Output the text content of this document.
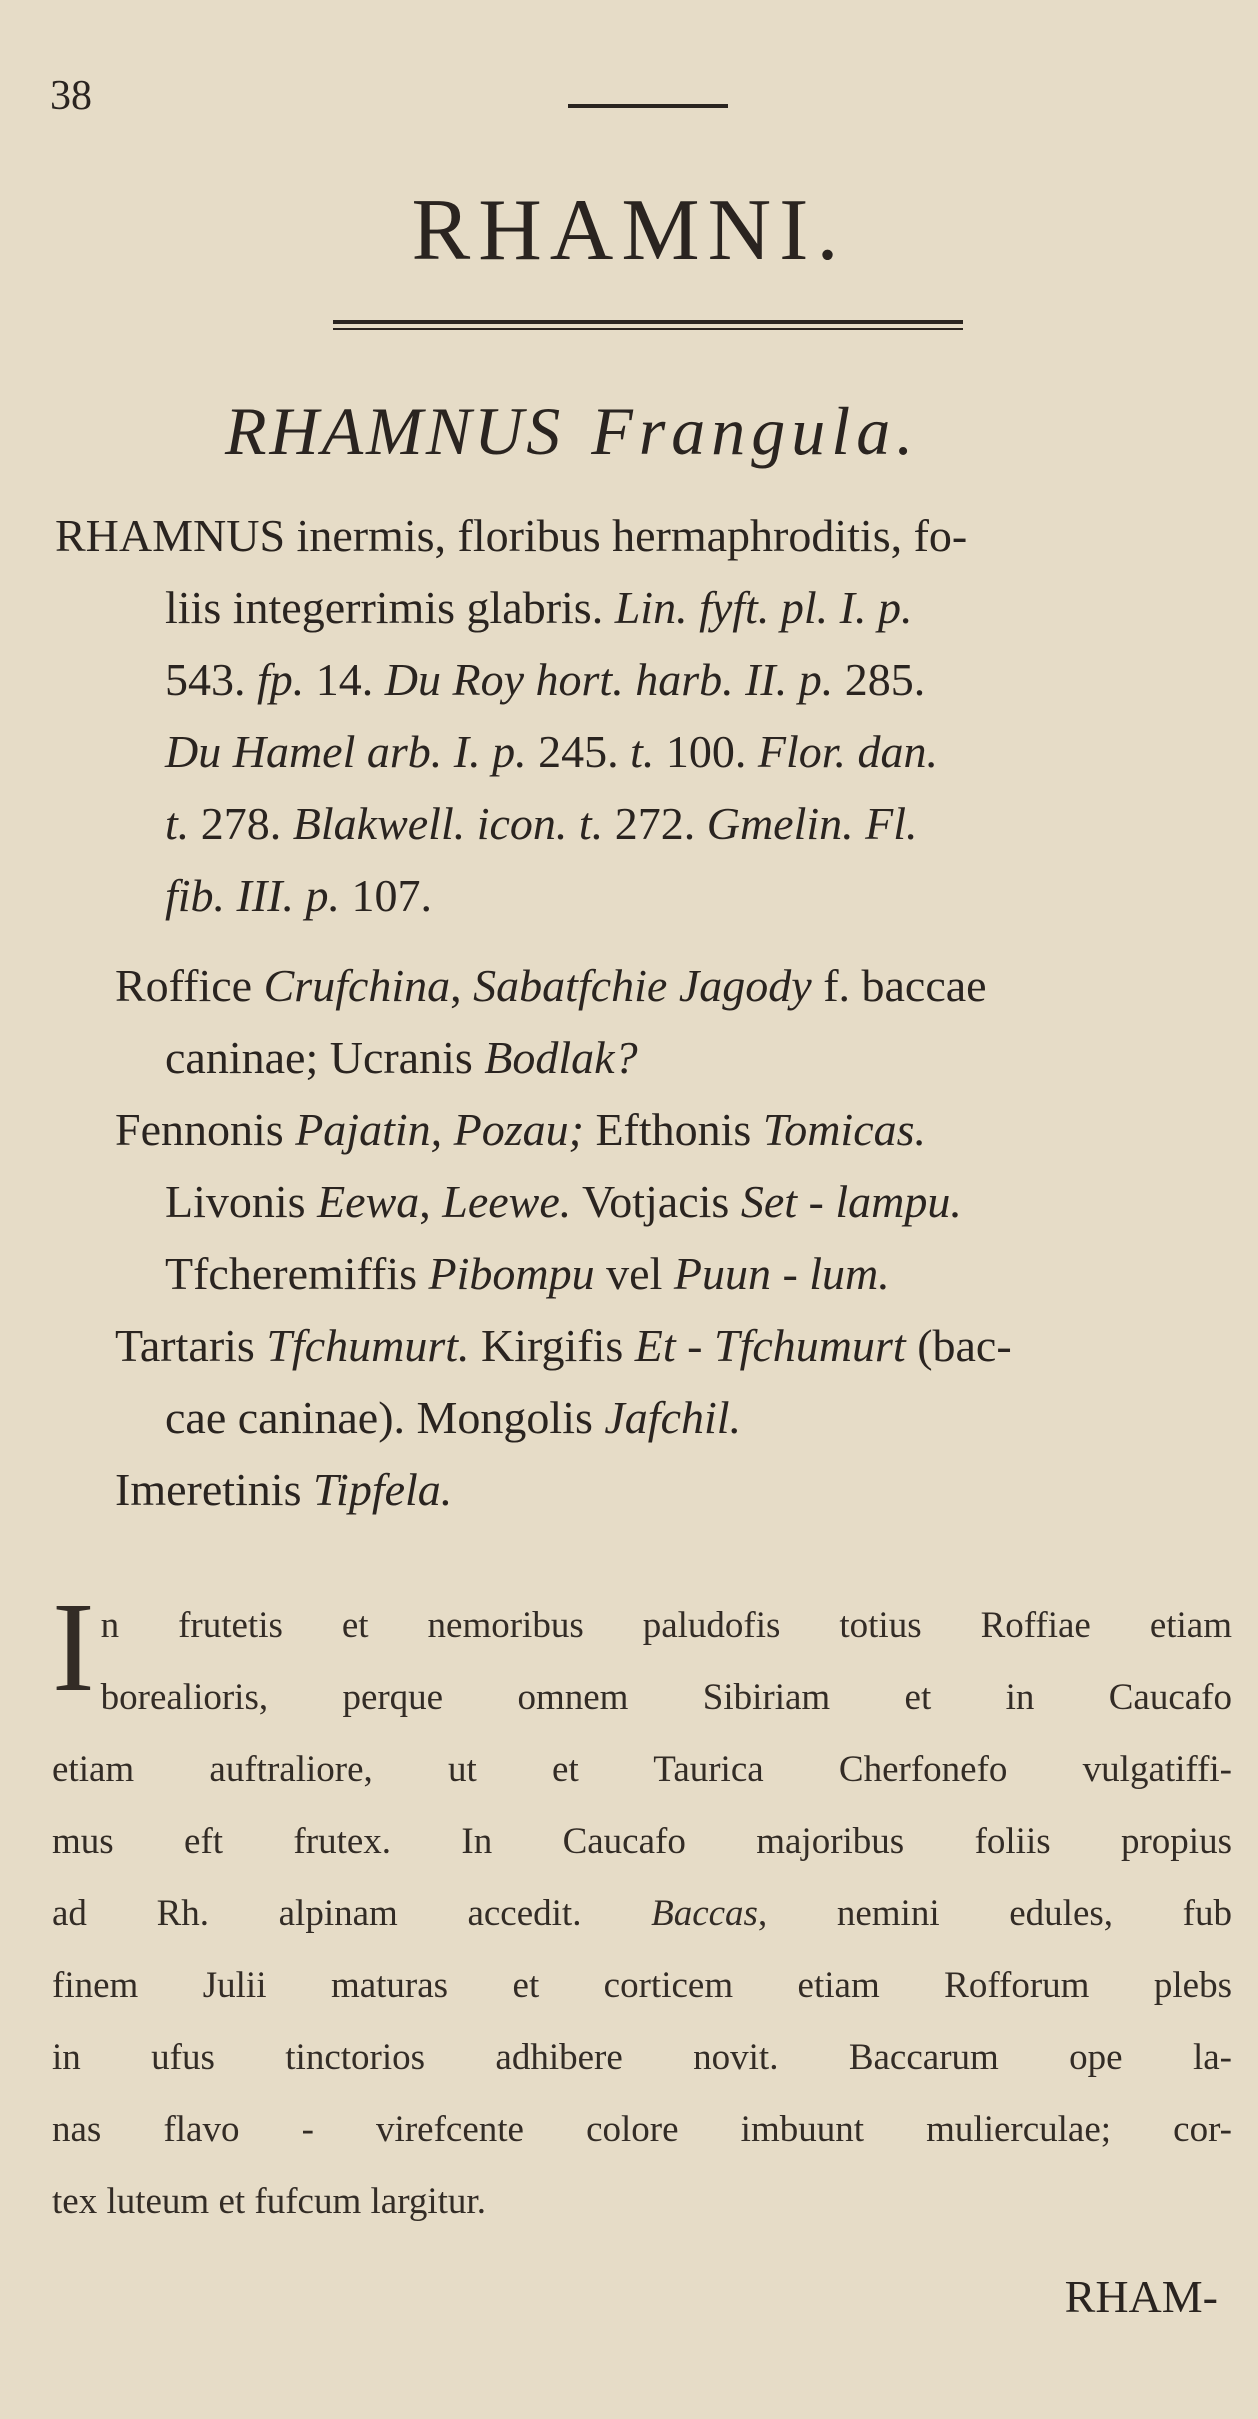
38
RHAMNI.
RHAMNUS Frangula.
RHAMNUS inermis, floribus hermaphroditis, fo-
liis integerrimis glabris. Lin. fyft. pl. I. p.
543. fp. 14. Du Roy hort. harb. II. p. 285.
Du Hamel arb. I. p. 245. t. 100. Flor. dan.
t. 278. Blakwell. icon. t. 272. Gmelin. Fl.
fib. III. p. 107.
Roffice Crufchina, Sabatfchie Jagody f. baccae
caninae; Ucranis Bodlak?
Fennonis Pajatin, Pozau; Efthonis Tomicas.
Livonis Eewa, Leewe. Votjacis Set - lampu.
Tfcheremiffis Pibompu vel Puun - lum.
Tartaris Tfchumurt. Kirgifis Et - Tfchumurt (bac-
cae caninae). Mongolis Jafchil.
Imeretinis Tipfela.
I n frutetis et nemoribus paludofis totius Roffiae etiam
borealioris, perque omnem Sibiriam et in Caucafo
etiam auftraliore, ut et Taurica Cherfonefo vulgatiffi-
mus eft frutex. In Caucafo majoribus foliis propius
ad Rh. alpinam accedit. Baccas, nemini edules, fub
finem Julii maturas et corticem etiam Rofforum plebs
in ufus tinctorios adhibere novit. Baccarum ope la-
nas flavo - virefcente colore imbuunt mulierculae; cor-
tex luteum et fufcum largitur.
RHAM-
